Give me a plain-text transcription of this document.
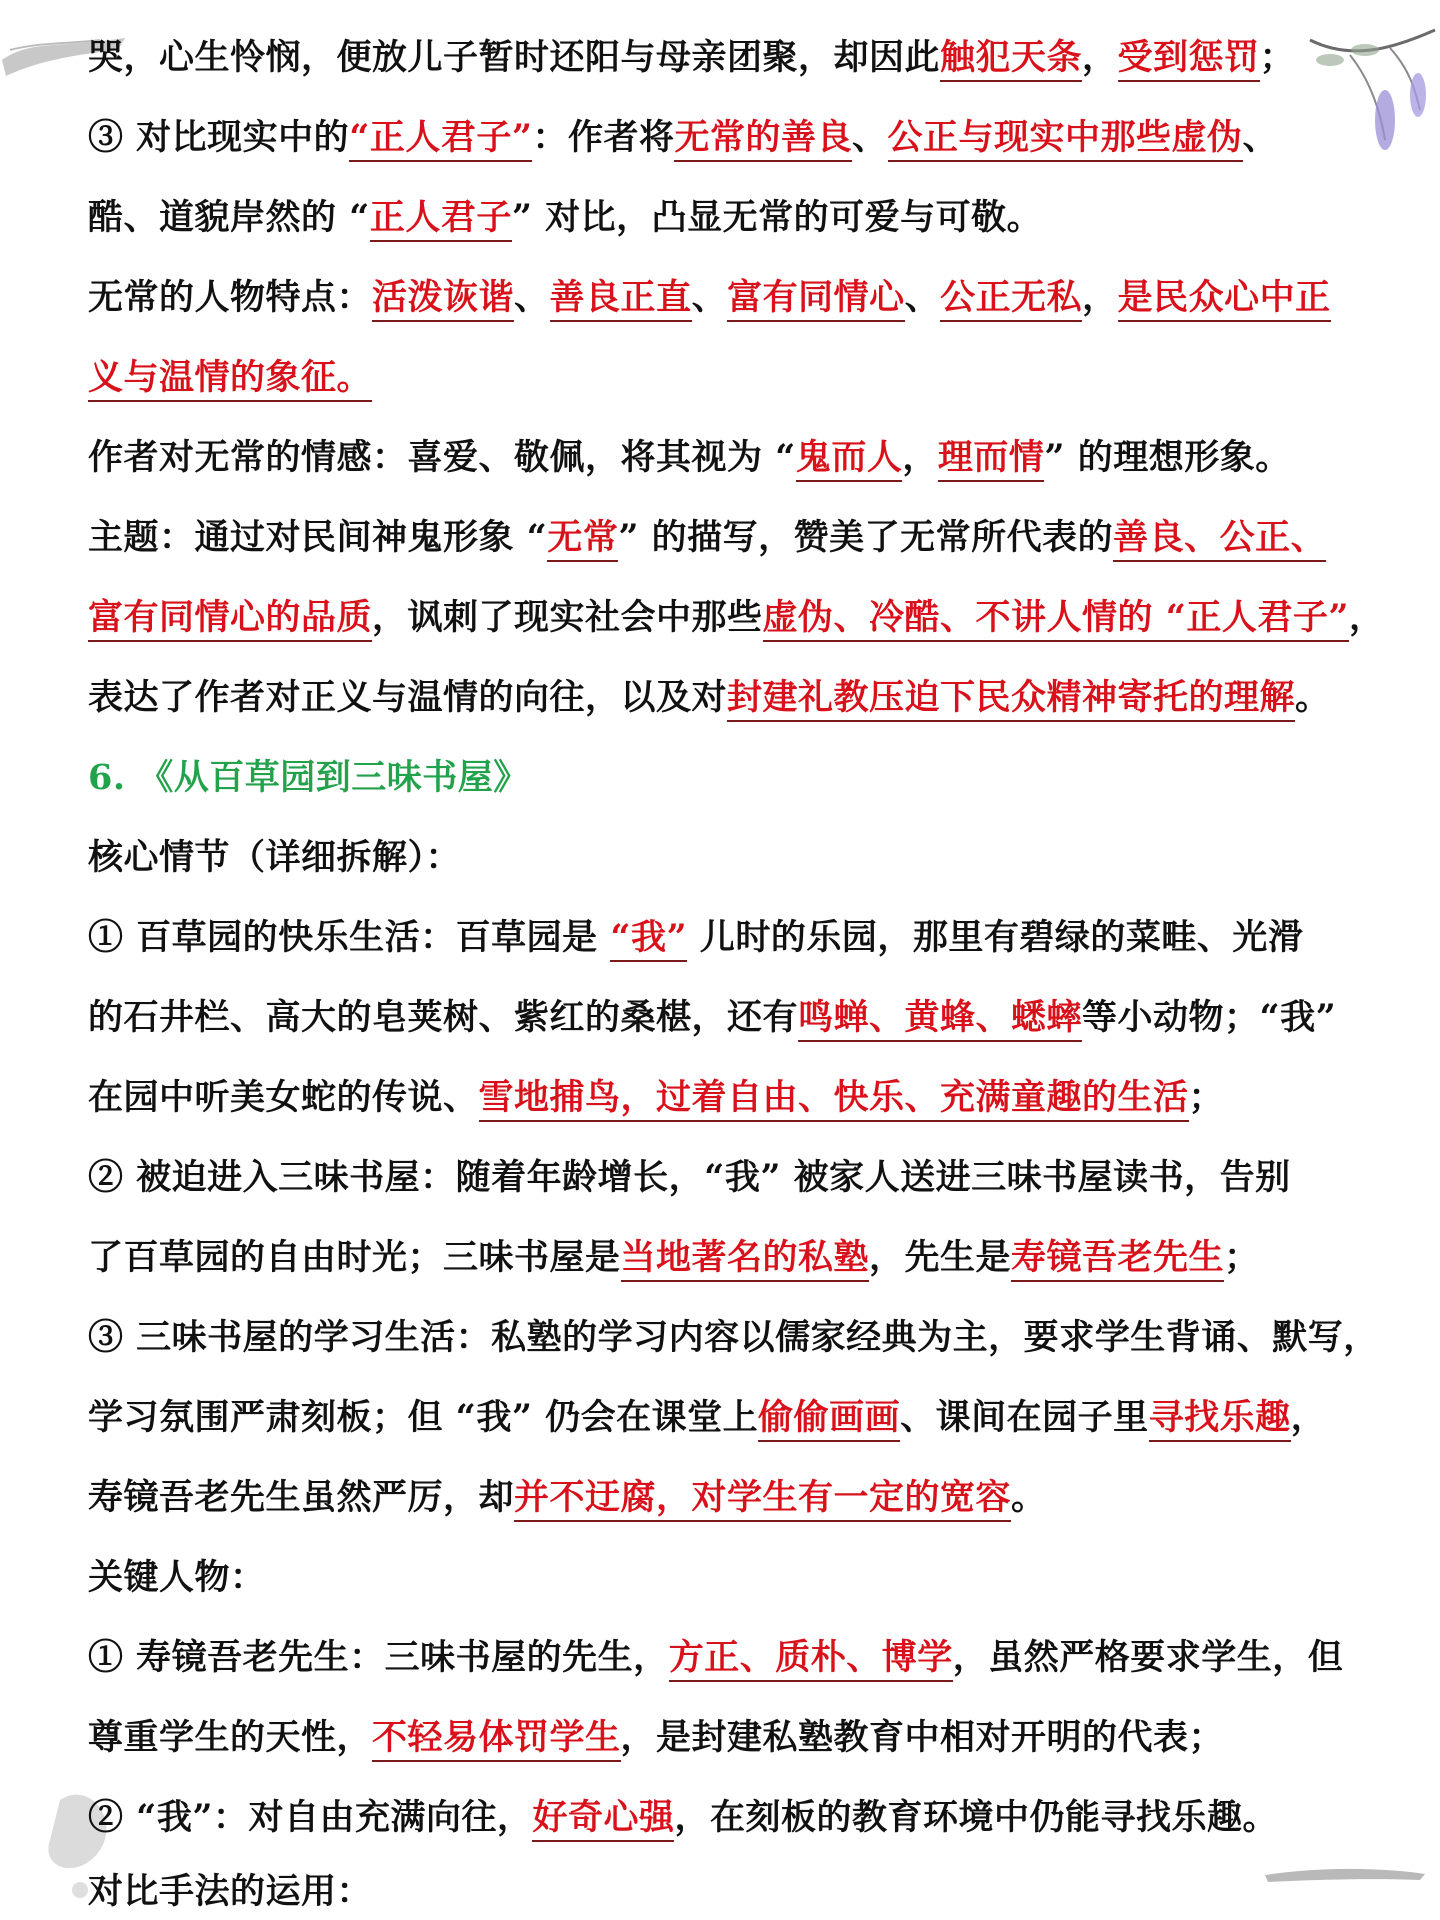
哭，心生怜悯，便放儿子暂时还阳与母亲团聚，却因此触犯天条，受到惩罚；
③ 对比现实中的“正人君子”：作者将无常的善良、公正与现实中那些虚伪、
酷、道貌岸然的 “正人君子” 对比，凸显无常的可爱与可敬。
无常的人物特点：活泼诙谐、善良正直、富有同情心、公正无私，是民众心中正
义与温情的象征。
作者对无常的情感：喜爱、敬佩，将其视为 “鬼而人，理而情” 的理想形象。
主题：通过对民间神鬼形象 “无常” 的描写，赞美了无常所代表的善良、公正、
富有同情心的品质，讽刺了现实社会中那些虚伪、冷酷、不讲人情的 “正人君子”，
表达了作者对正义与温情的向往，以及对封建礼教压迫下民众精神寄托的理解。
6. 《从百草园到三味书屋》
核心情节（详细拆解）：
① 百草园的快乐生活：百草园是 “我” 儿时的乐园，那里有碧绿的菜畦、光滑
的石井栏、高大的皂荚树、紫红的桑椹，还有鸣蝉、黄蜂、蟋蟀等小动物；“我”
在园中听美女蛇的传说、雪地捕鸟，过着自由、快乐、充满童趣的生活；
② 被迫进入三味书屋：随着年龄增长，“我” 被家人送进三味书屋读书，告别
了百草园的自由时光；三味书屋是当地著名的私塾，先生是寿镜吾老先生；
③ 三味书屋的学习生活：私塾的学习内容以儒家经典为主，要求学生背诵、默写，
学习氛围严肃刻板；但 “我” 仍会在课堂上偷偷画画、课间在园子里寻找乐趣，
寿镜吾老先生虽然严厉，却并不迂腐，对学生有一定的宽容。
关键人物：
① 寿镜吾老先生：三味书屋的先生，方正、质朴、博学，虽然严格要求学生，但
尊重学生的天性，不轻易体罚学生，是封建私塾教育中相对开明的代表；
② “我”：对自由充满向往，好奇心强，在刻板的教育环境中仍能寻找乐趣。
对比手法的运用：
